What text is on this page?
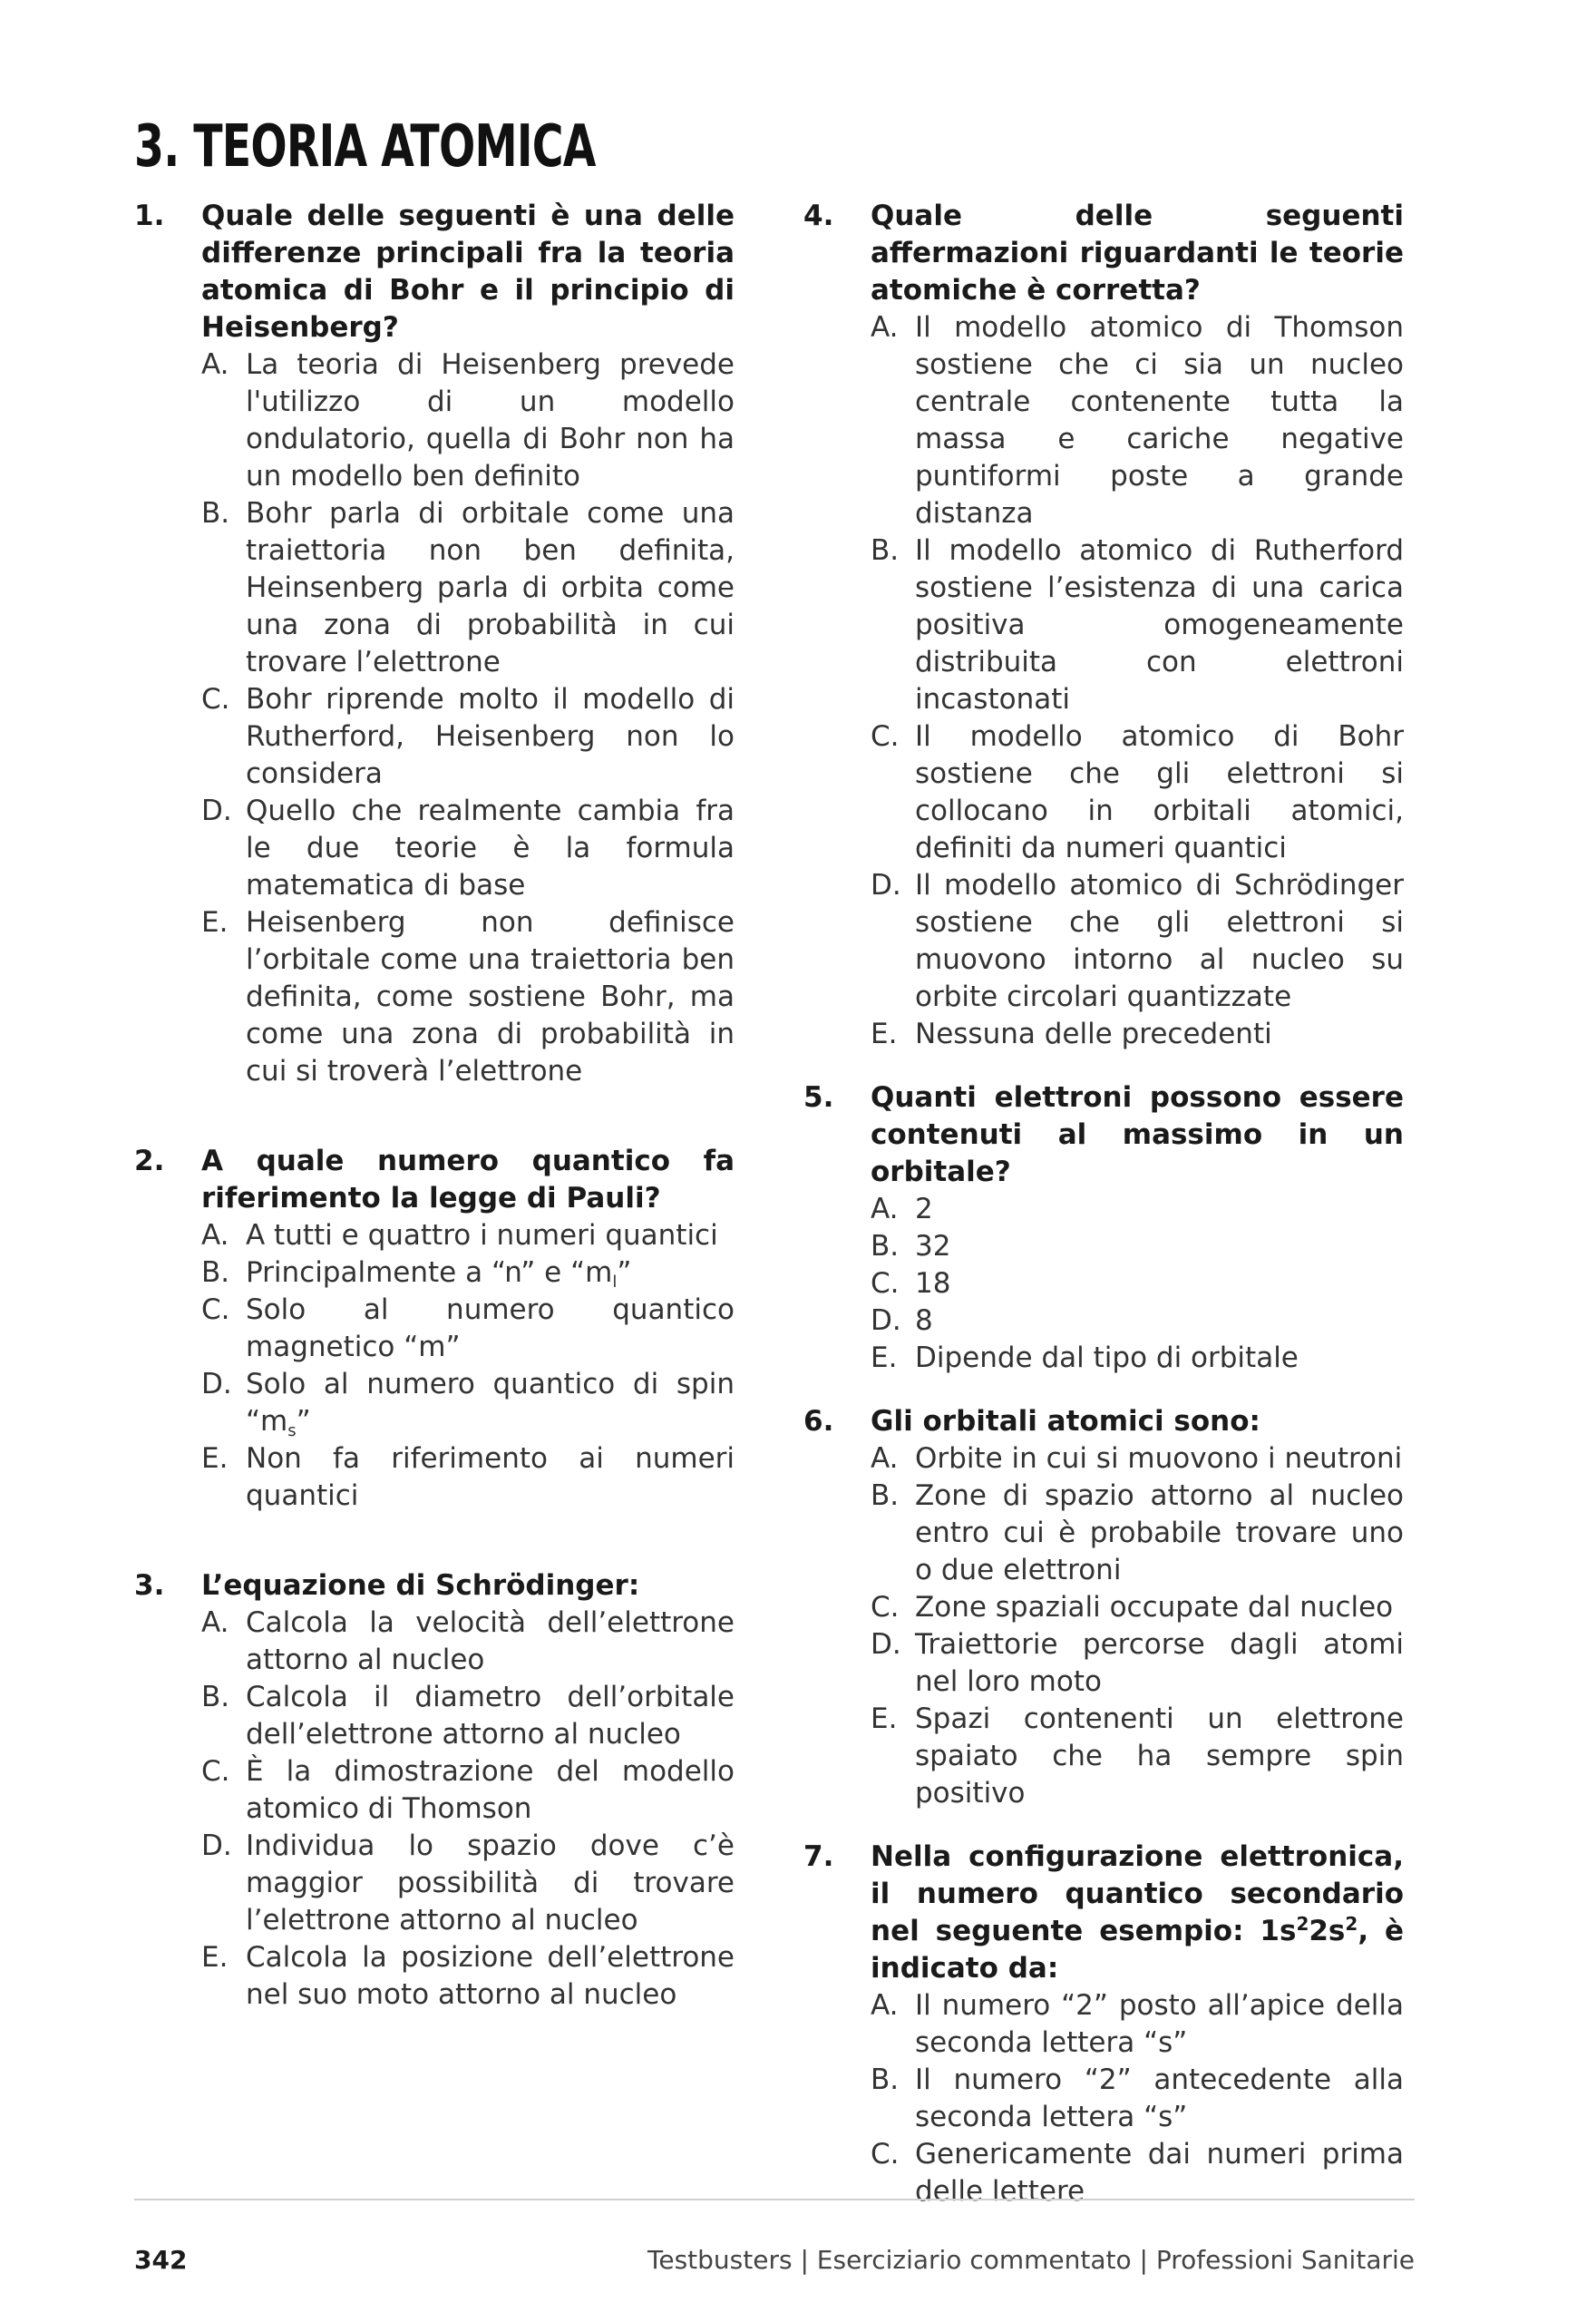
3. TEORIA ATOMICA
1. Quale delle seguenti è una delle differenze principali fra la teoria atomica di Bohr e il principio di Heisenberg?

A. La teoria di Heisenberg prevede l'utilizzo di un modello ondulatorio, quella di Bohr non ha un modello ben definito
B. Bohr parla di orbitale come una traiettoria non ben definita, Heinsenberg parla di orbita come una zona di probabilità in cui trovare l’elettrone
C. Bohr riprende molto il modello di Rutherford, Heisenberg non lo considera
D. Quello che realmente cambia fra le due teorie è la formula matematica di base
E. Heisenberg non definisce l’orbitale come una traiettoria ben definita, come sostiene Bohr, ma come una zona di probabilità in cui si troverà l’elettrone
2. A quale numero quantico fa riferimento la legge di Pauli?

A. A tutti e quattro i numeri quantici
B. Principalmente a “n” e “$m_l$”
C. Solo al numero quantico magnetico “m”
D. Solo al numero quantico di spin “$m_s$”
E. Non fa riferimento ai numeri quantici
3. L’equazione di Schrödinger:

A. Calcola la velocità dell’elettrone attorno al nucleo
B. Calcola il diametro dell’orbitale dell’elettrone attorno al nucleo
C. È la dimostrazione del modello atomico di Thomson
D. Individua lo spazio dove c’è maggior possibilità di trovare l’elettrone attorno al nucleo
E. Calcola la posizione dell’elettrone nel suo moto attorno al nucleo
4. Quale delle seguenti affermazioni riguardanti le teorie atomiche è corretta?

A. Il modello atomico di Thomson sostiene che ci sia un nucleo centrale contenente tutta la massa e cariche negative puntiformi poste a grande distanza
B. Il modello atomico di Rutherford sostiene l’esistenza di una carica positiva omogeneamente distribuita con elettroni incastonati
C. Il modello atomico di Bohr sostiene che gli elettroni si collocano in orbitali atomici, definiti da numeri quantici
D. Il modello atomico di Schrödinger sostiene che gli elettroni si muovono intorno al nucleo su orbite circolari quantizzate
E. Nessuna delle precedenti
5. Quanti elettroni possono essere contenuti al massimo in un orbitale?

A. 2
B. 32
C. 18
D. 8
E. Dipende dal tipo di orbitale
6. Gli orbitali atomici sono:

A. Orbite in cui si muovono i neutroni
B. Zone di spazio attorno al nucleo entro cui è probabile trovare uno o due elettroni
C. Zone spaziali occupate dal nucleo
D. Traiettorie percorse dagli atomi nel loro moto
E. Spazi contenenti un elettrone spaiato che ha sempre spin positivo
7. Nella configurazione elettronica, il numero quantico secondario nel seguente esempio: $1s^22s^2$, è indicato da:

A. Il numero “2” posto all’apice della seconda lettera “s”
B. Il numero “2” antecedente alla seconda lettera “s”
C. Genericamente dai numeri prima delle lettere
342	Testbusters | Eserciziario commentato | Professioni Sanitarie
